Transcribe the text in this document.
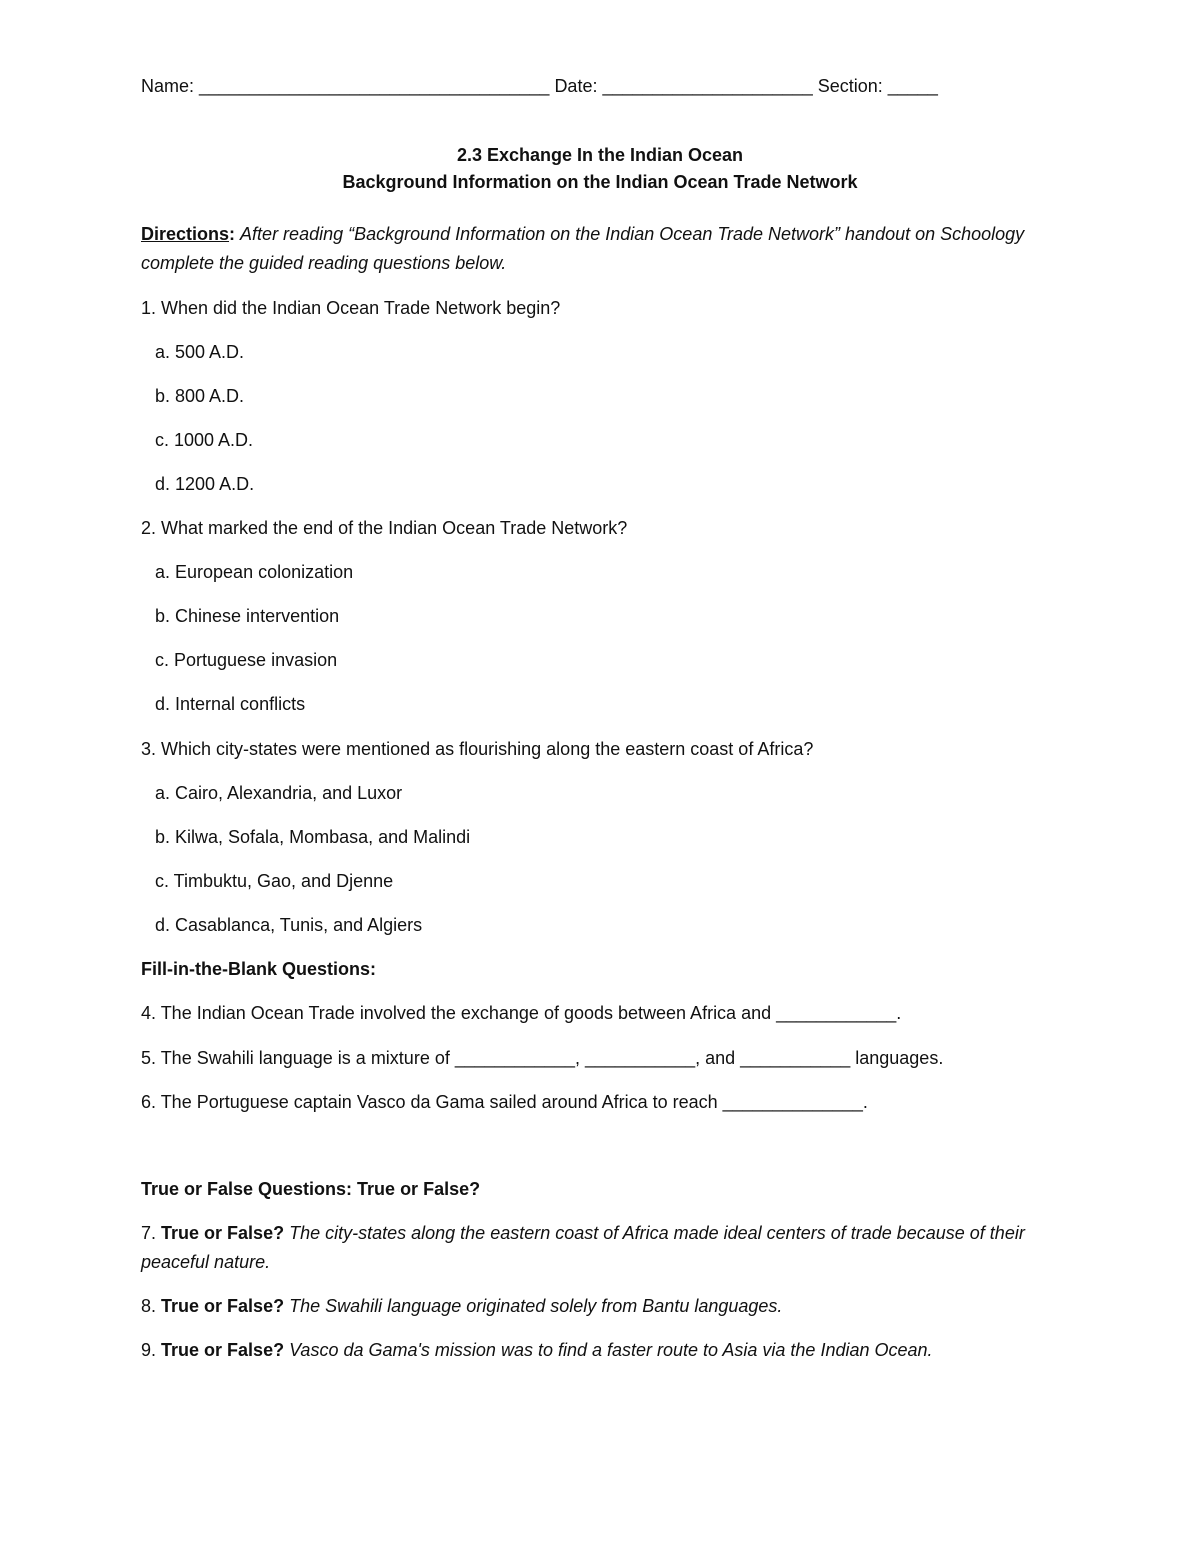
Name: ___________________________________ Date: _____________________ Section: _____
2.3 Exchange In the Indian Ocean
Background Information on the Indian Ocean Trade Network
Directions: After reading “Background Information on the Indian Ocean Trade Network” handout on Schoology complete the guided reading questions below.
1. When did the Indian Ocean Trade Network begin?
a. 500 A.D.
b. 800 A.D.
c. 1000 A.D.
d. 1200 A.D.
2. What marked the end of the Indian Ocean Trade Network?
a. European colonization
b. Chinese intervention
c. Portuguese invasion
d. Internal conflicts
3. Which city-states were mentioned as flourishing along the eastern coast of Africa?
a. Cairo, Alexandria, and Luxor
b. Kilwa, Sofala, Mombasa, and Malindi
c. Timbuktu, Gao, and Djenne
d. Casablanca, Tunis, and Algiers
Fill-in-the-Blank Questions:
4. The Indian Ocean Trade involved the exchange of goods between Africa and ____________.
5. The Swahili language is a mixture of ____________, ___________, and ___________ languages.
6. The Portuguese captain Vasco da Gama sailed around Africa to reach ______________.
True or False Questions: True or False?
7. True or False? The city-states along the eastern coast of Africa made ideal centers of trade because of their peaceful nature.
8. True or False? The Swahili language originated solely from Bantu languages.
9. True or False? Vasco da Gama's mission was to find a faster route to Asia via the Indian Ocean.
